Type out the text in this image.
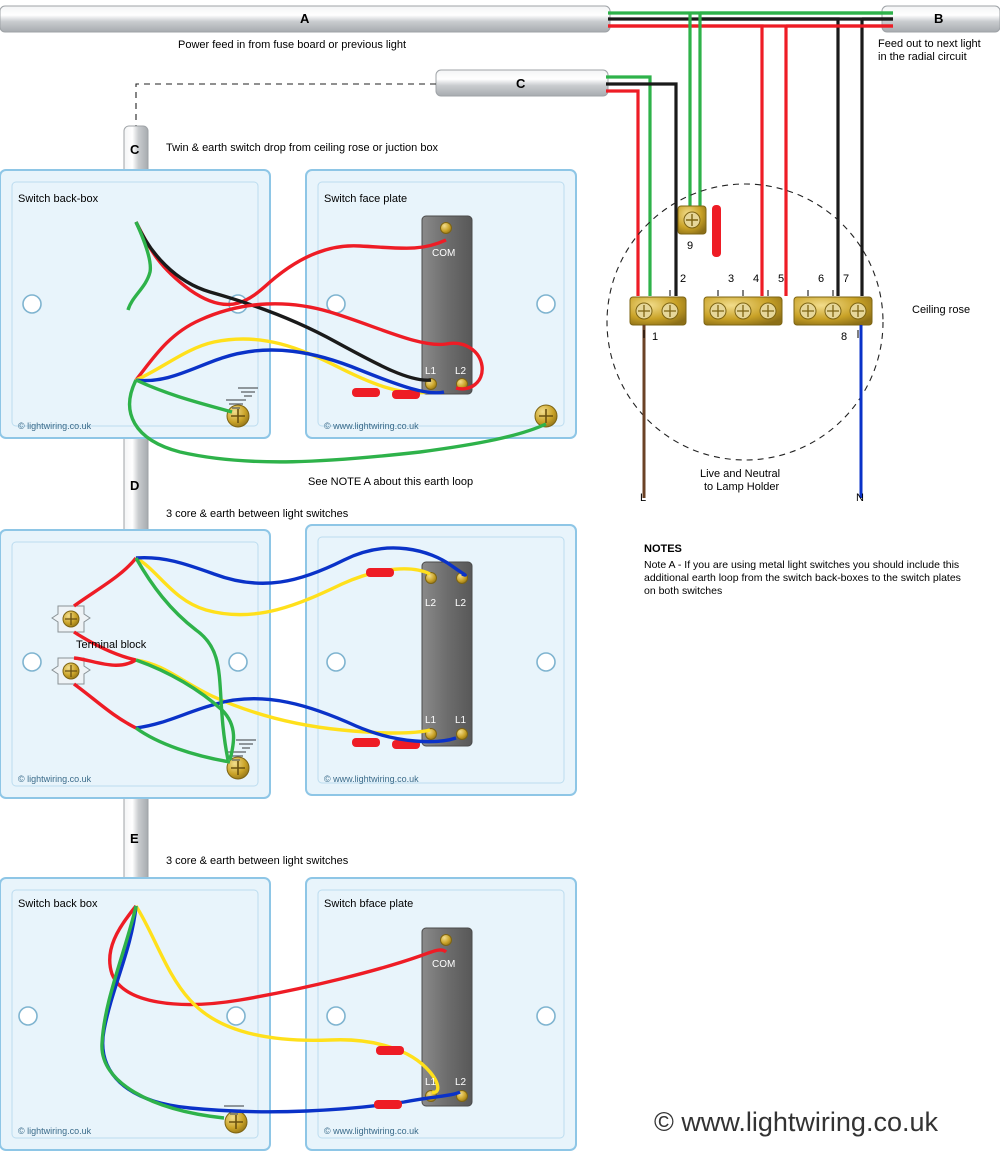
A	B
C
C
D
E
Power feed in from fuse board or previous light	Feed out to next light
in the radial circuit
Twin & earth switch drop from ceiling rose or juction box
See NOTE A about this earth loop
3 core & earth between light switches
3 core & earth between light switches
Ceiling rose
Live and Neutral
to Lamp Holder
Terminal block
Switch back-box	Switch face plate
Switch back box	Switch bface plate
1
2	3 4 5	6 7
8
9
L	N
COM
L1 L2
L2 L2
L1 L1
COM
L1 L2
NOTES
Note A - If you are using metal light switches you should include this additional earth loop from the switch back-boxes to the switch plates on both switches
© lightwiring.co.uk	© www.lightwiring.co.uk
© lightwiring.co.uk	© www.lightwiring.co.uk
© lightwiring.co.uk	© www.lightwiring.co.uk	© www.lightwiring.co.uk
